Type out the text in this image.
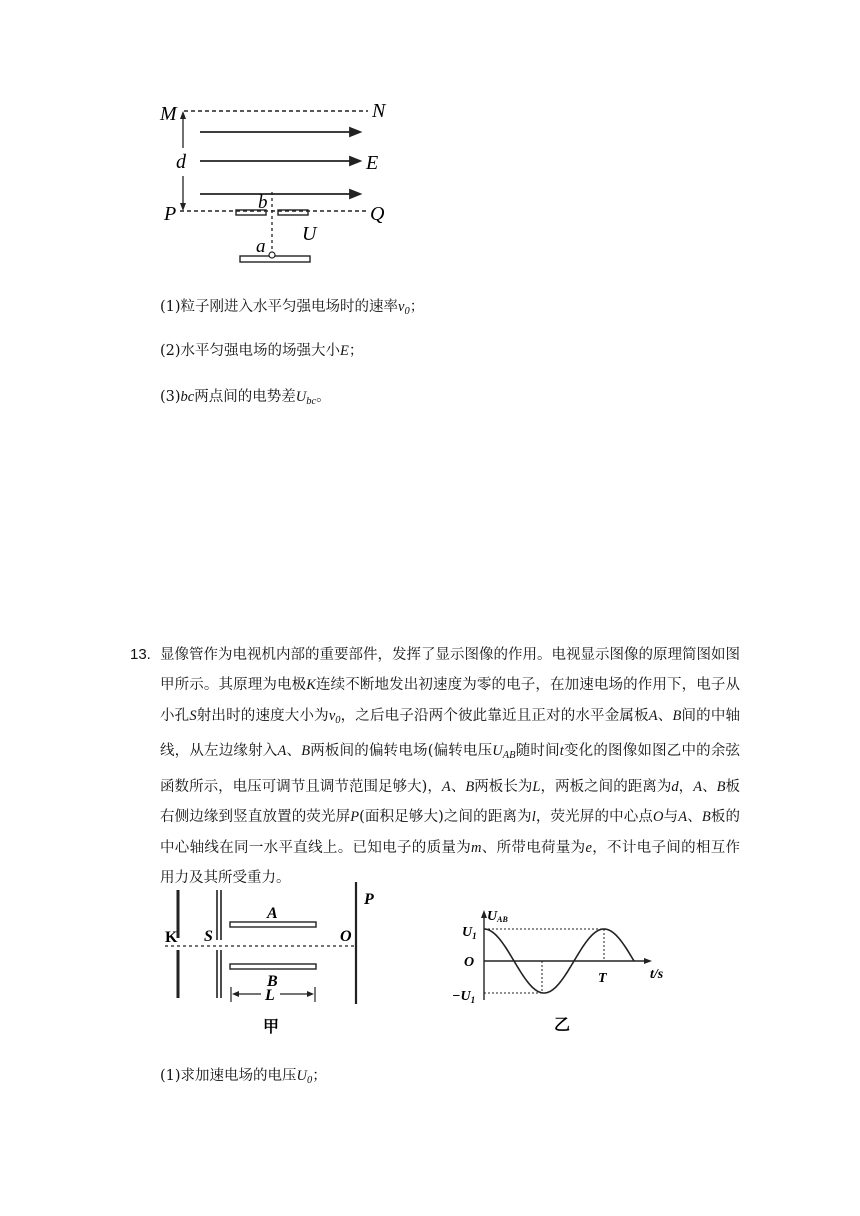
M	N
d	E
P	Q
b
U
a
(1)粒子刚进入水平匀强电场时的速率$v_0$；
(2)水平匀强电场的场强大小E；
(3)bc两点间的电势差$U_{bc}$。
13. 显像管作为电视机内部的重要部件，发挥了显示图像的作用。电视显示图像的原理简图如图甲所示。其原理为电极K连续不断地发出初速度为零的电子，在加速电场的作用下，电子从小孔S射出时的速度大小为$v_0$，之后电子沿两个彼此靠近且正对的水平金属板A、B间的中轴线，从左边缘射入A、B两板间的偏转电场(偏转电压$U_{AB}$随时间t变化的图像如图乙中的余弦函数所示，电压可调节且调节范围足够大)，A、B两板长为L，两板之间的距离为d，A、B板右侧边缘到竖直放置的荧光屏P(面积足够大)之间的距离为l，荧光屏的中心点O与A、B板的中心轴线在同一水平直线上。已知电子的质量为m、所带电荷量为e，不计电子间的相互作用力及其所受重力。
K S
A
B
O
P
L
甲
UAB
$U_1$
O
$-U_1$
T	t/s
乙
(1)求加速电场的电压$U_0$；
